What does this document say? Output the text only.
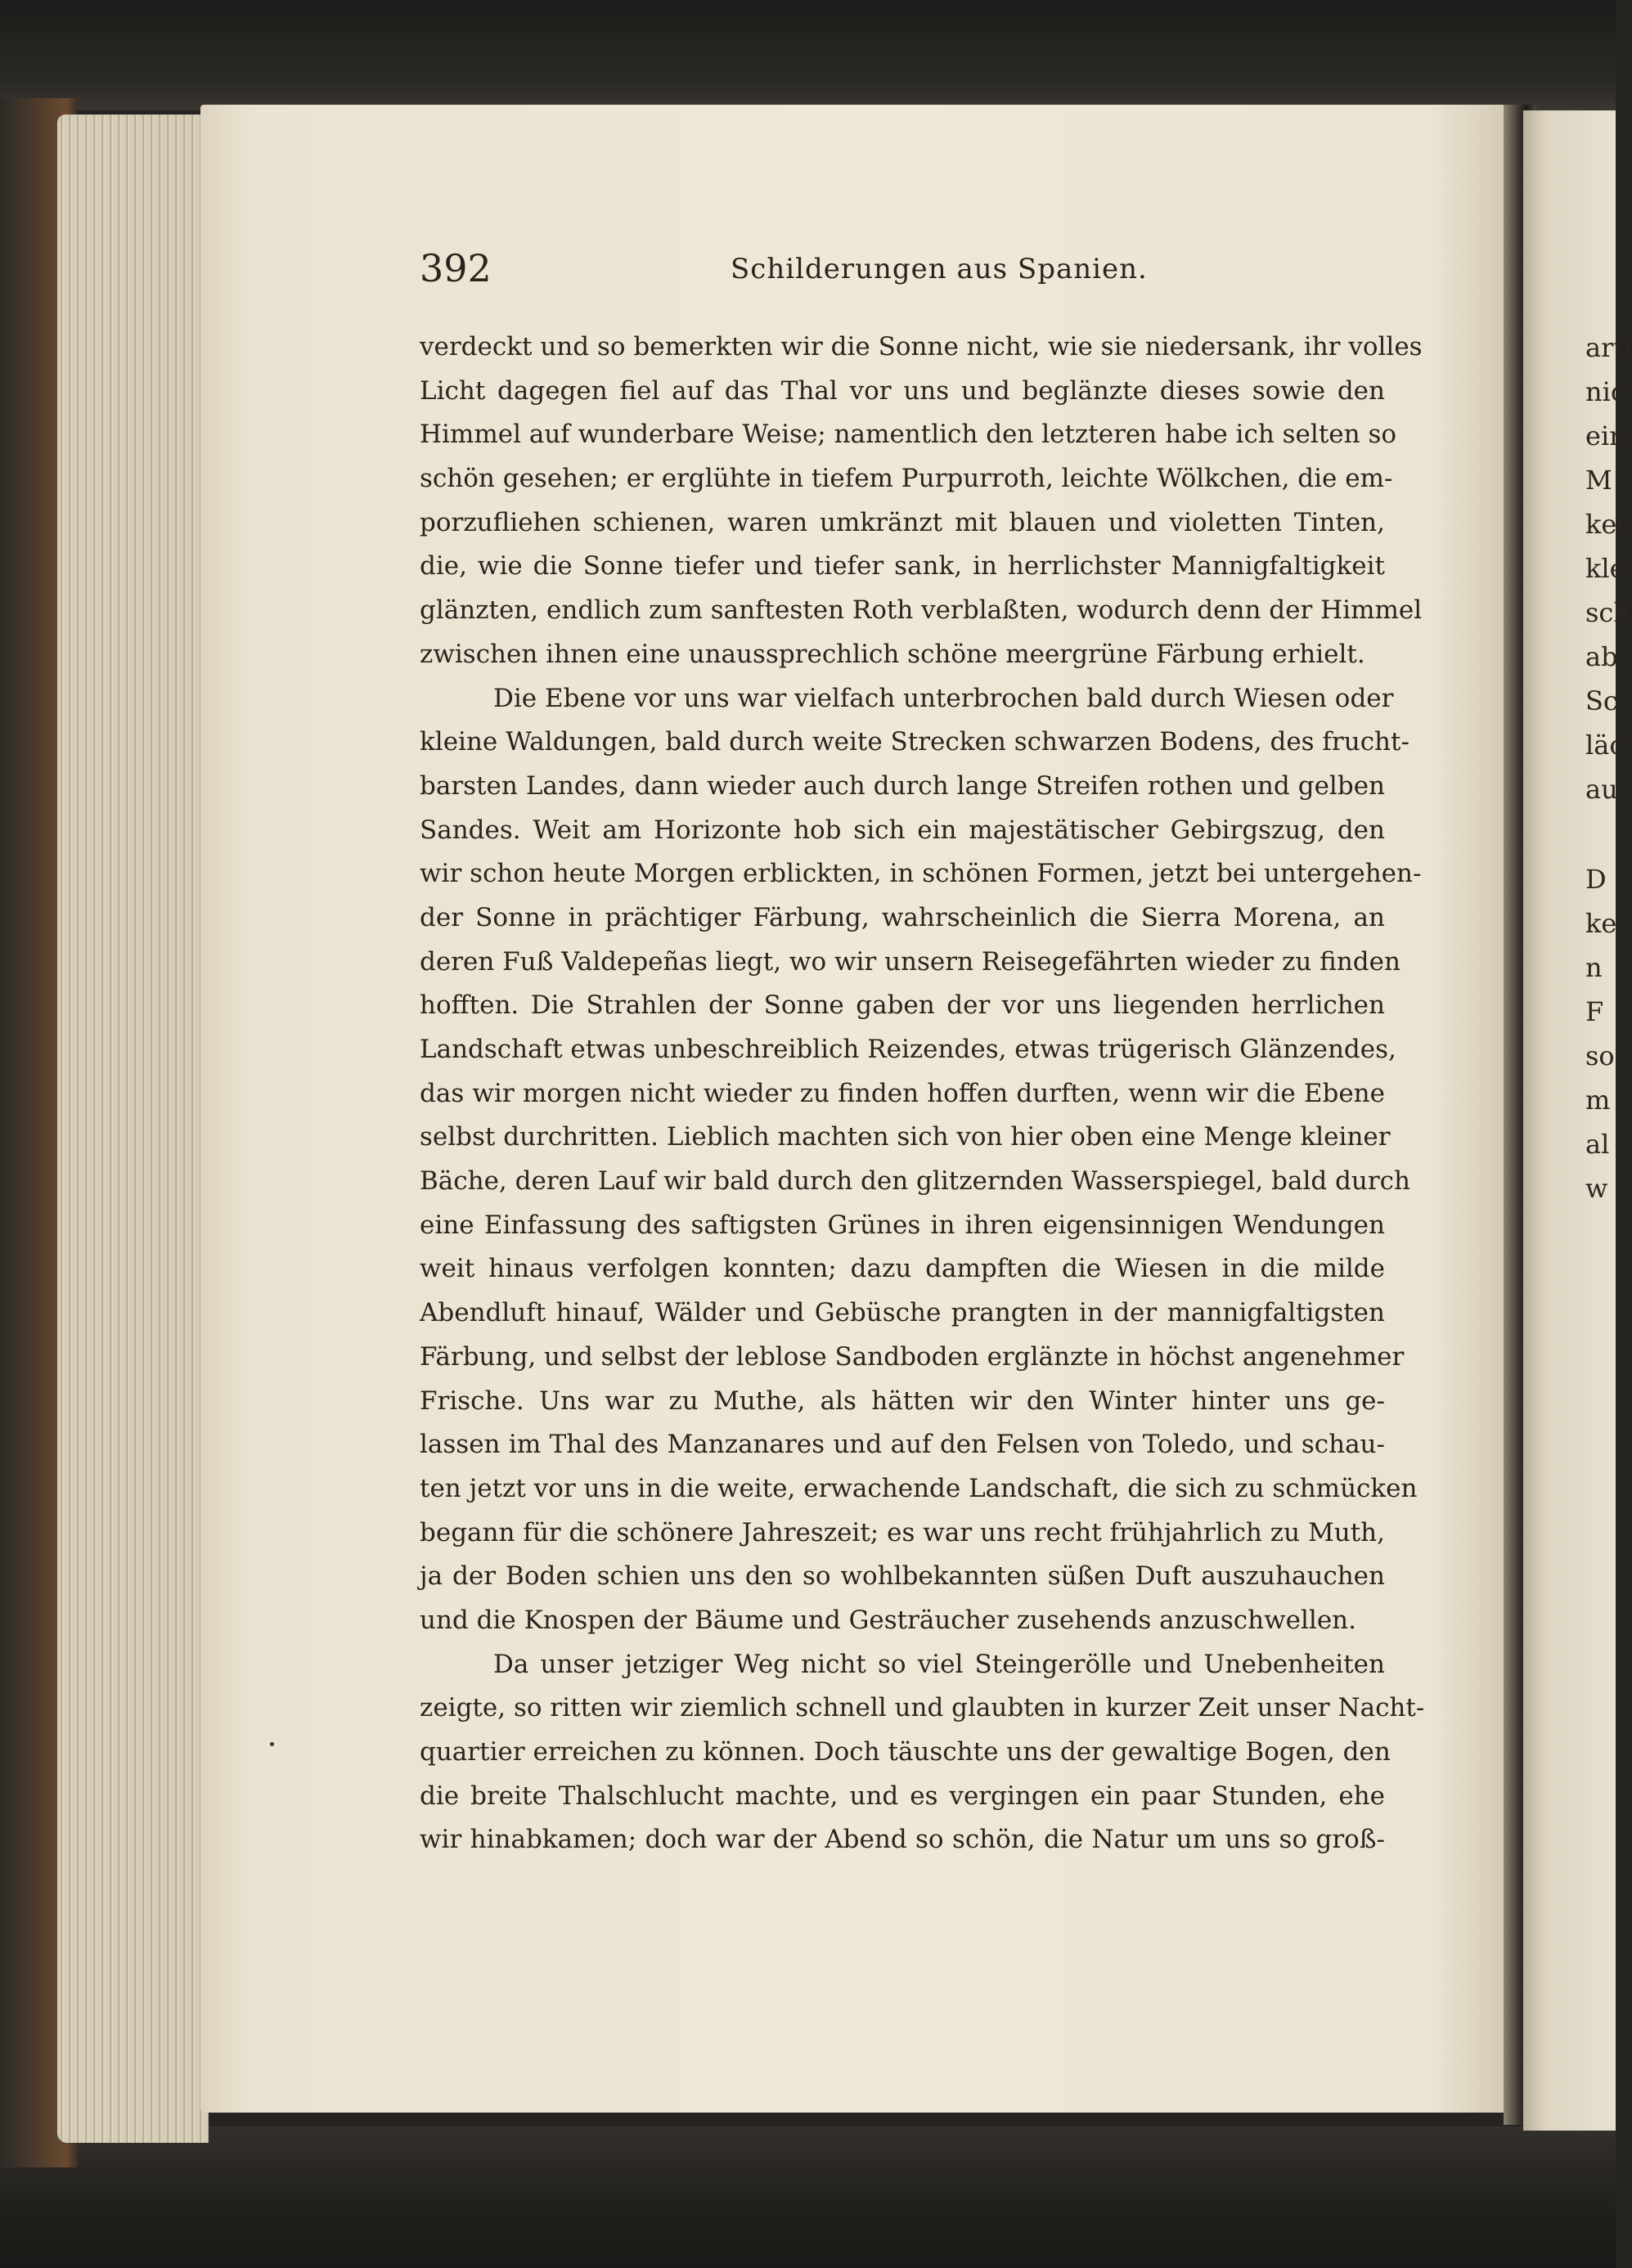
392	Schilderungen aus Spanien.
verdeckt und so bemerkten wir die Sonne nicht, wie sie niedersank, ihr volles
Licht dagegen fiel auf das Thal vor uns und beglänzte dieses sowie den
Himmel auf wunderbare Weise; namentlich den letzteren habe ich selten so
schön gesehen; er erglühte in tiefem Purpurroth, leichte Wölkchen, die em-
porzufliehen schienen, waren umkränzt mit blauen und violetten Tinten,
die, wie die Sonne tiefer und tiefer sank, in herrlichster Mannigfaltigkeit
glänzten, endlich zum sanftesten Roth verblaßten, wodurch denn der Himmel
zwischen ihnen eine unaussprechlich schöne meergrüne Färbung erhielt.
Die Ebene vor uns war vielfach unterbrochen bald durch Wiesen oder
kleine Waldungen, bald durch weite Strecken schwarzen Bodens, des frucht-
barsten Landes, dann wieder auch durch lange Streifen rothen und gelben
Sandes. Weit am Horizonte hob sich ein majestätischer Gebirgszug, den
wir schon heute Morgen erblickten, in schönen Formen, jetzt bei untergehen-
der Sonne in prächtiger Färbung, wahrscheinlich die Sierra Morena, an
deren Fuß Valdepeñas liegt, wo wir unsern Reisegefährten wieder zu finden
hofften. Die Strahlen der Sonne gaben der vor uns liegenden herrlichen
Landschaft etwas unbeschreiblich Reizendes, etwas trügerisch Glänzendes,
das wir morgen nicht wieder zu finden hoffen durften, wenn wir die Ebene
selbst durchritten. Lieblich machten sich von hier oben eine Menge kleiner
Bäche, deren Lauf wir bald durch den glitzernden Wasserspiegel, bald durch
eine Einfassung des saftigsten Grünes in ihren eigensinnigen Wendungen
weit hinaus verfolgen konnten; dazu dampften die Wiesen in die milde
Abendluft hinauf, Wälder und Gebüsche prangten in der mannigfaltigsten
Färbung, und selbst der leblose Sandboden erglänzte in höchst angenehmer
Frische. Uns war zu Muthe, als hätten wir den Winter hinter uns ge-
lassen im Thal des Manzanares und auf den Felsen von Toledo, und schau-
ten jetzt vor uns in die weite, erwachende Landschaft, die sich zu schmücken
begann für die schönere Jahreszeit; es war uns recht frühjahrlich zu Muth,
ja der Boden schien uns den so wohlbekannten süßen Duft auszuhauchen
und die Knospen der Bäume und Gesträucher zusehends anzuschwellen.
Da unser jetziger Weg nicht so viel Steingerölle und Unebenheiten
zeigte, so ritten wir ziemlich schnell und glaubten in kurzer Zeit unser Nacht-
quartier erreichen zu können. Doch täuschte uns der gewaltige Bogen, den
die breite Thalschlucht machte, und es vergingen ein paar Stunden, ehe
wir hinabkamen; doch war der Abend so schön, die Natur um uns so groß-
arti
nic
ein
M
kei
kle
sch
ab
Sc
läc
au
D
ke
n
F
so
m
al
w
